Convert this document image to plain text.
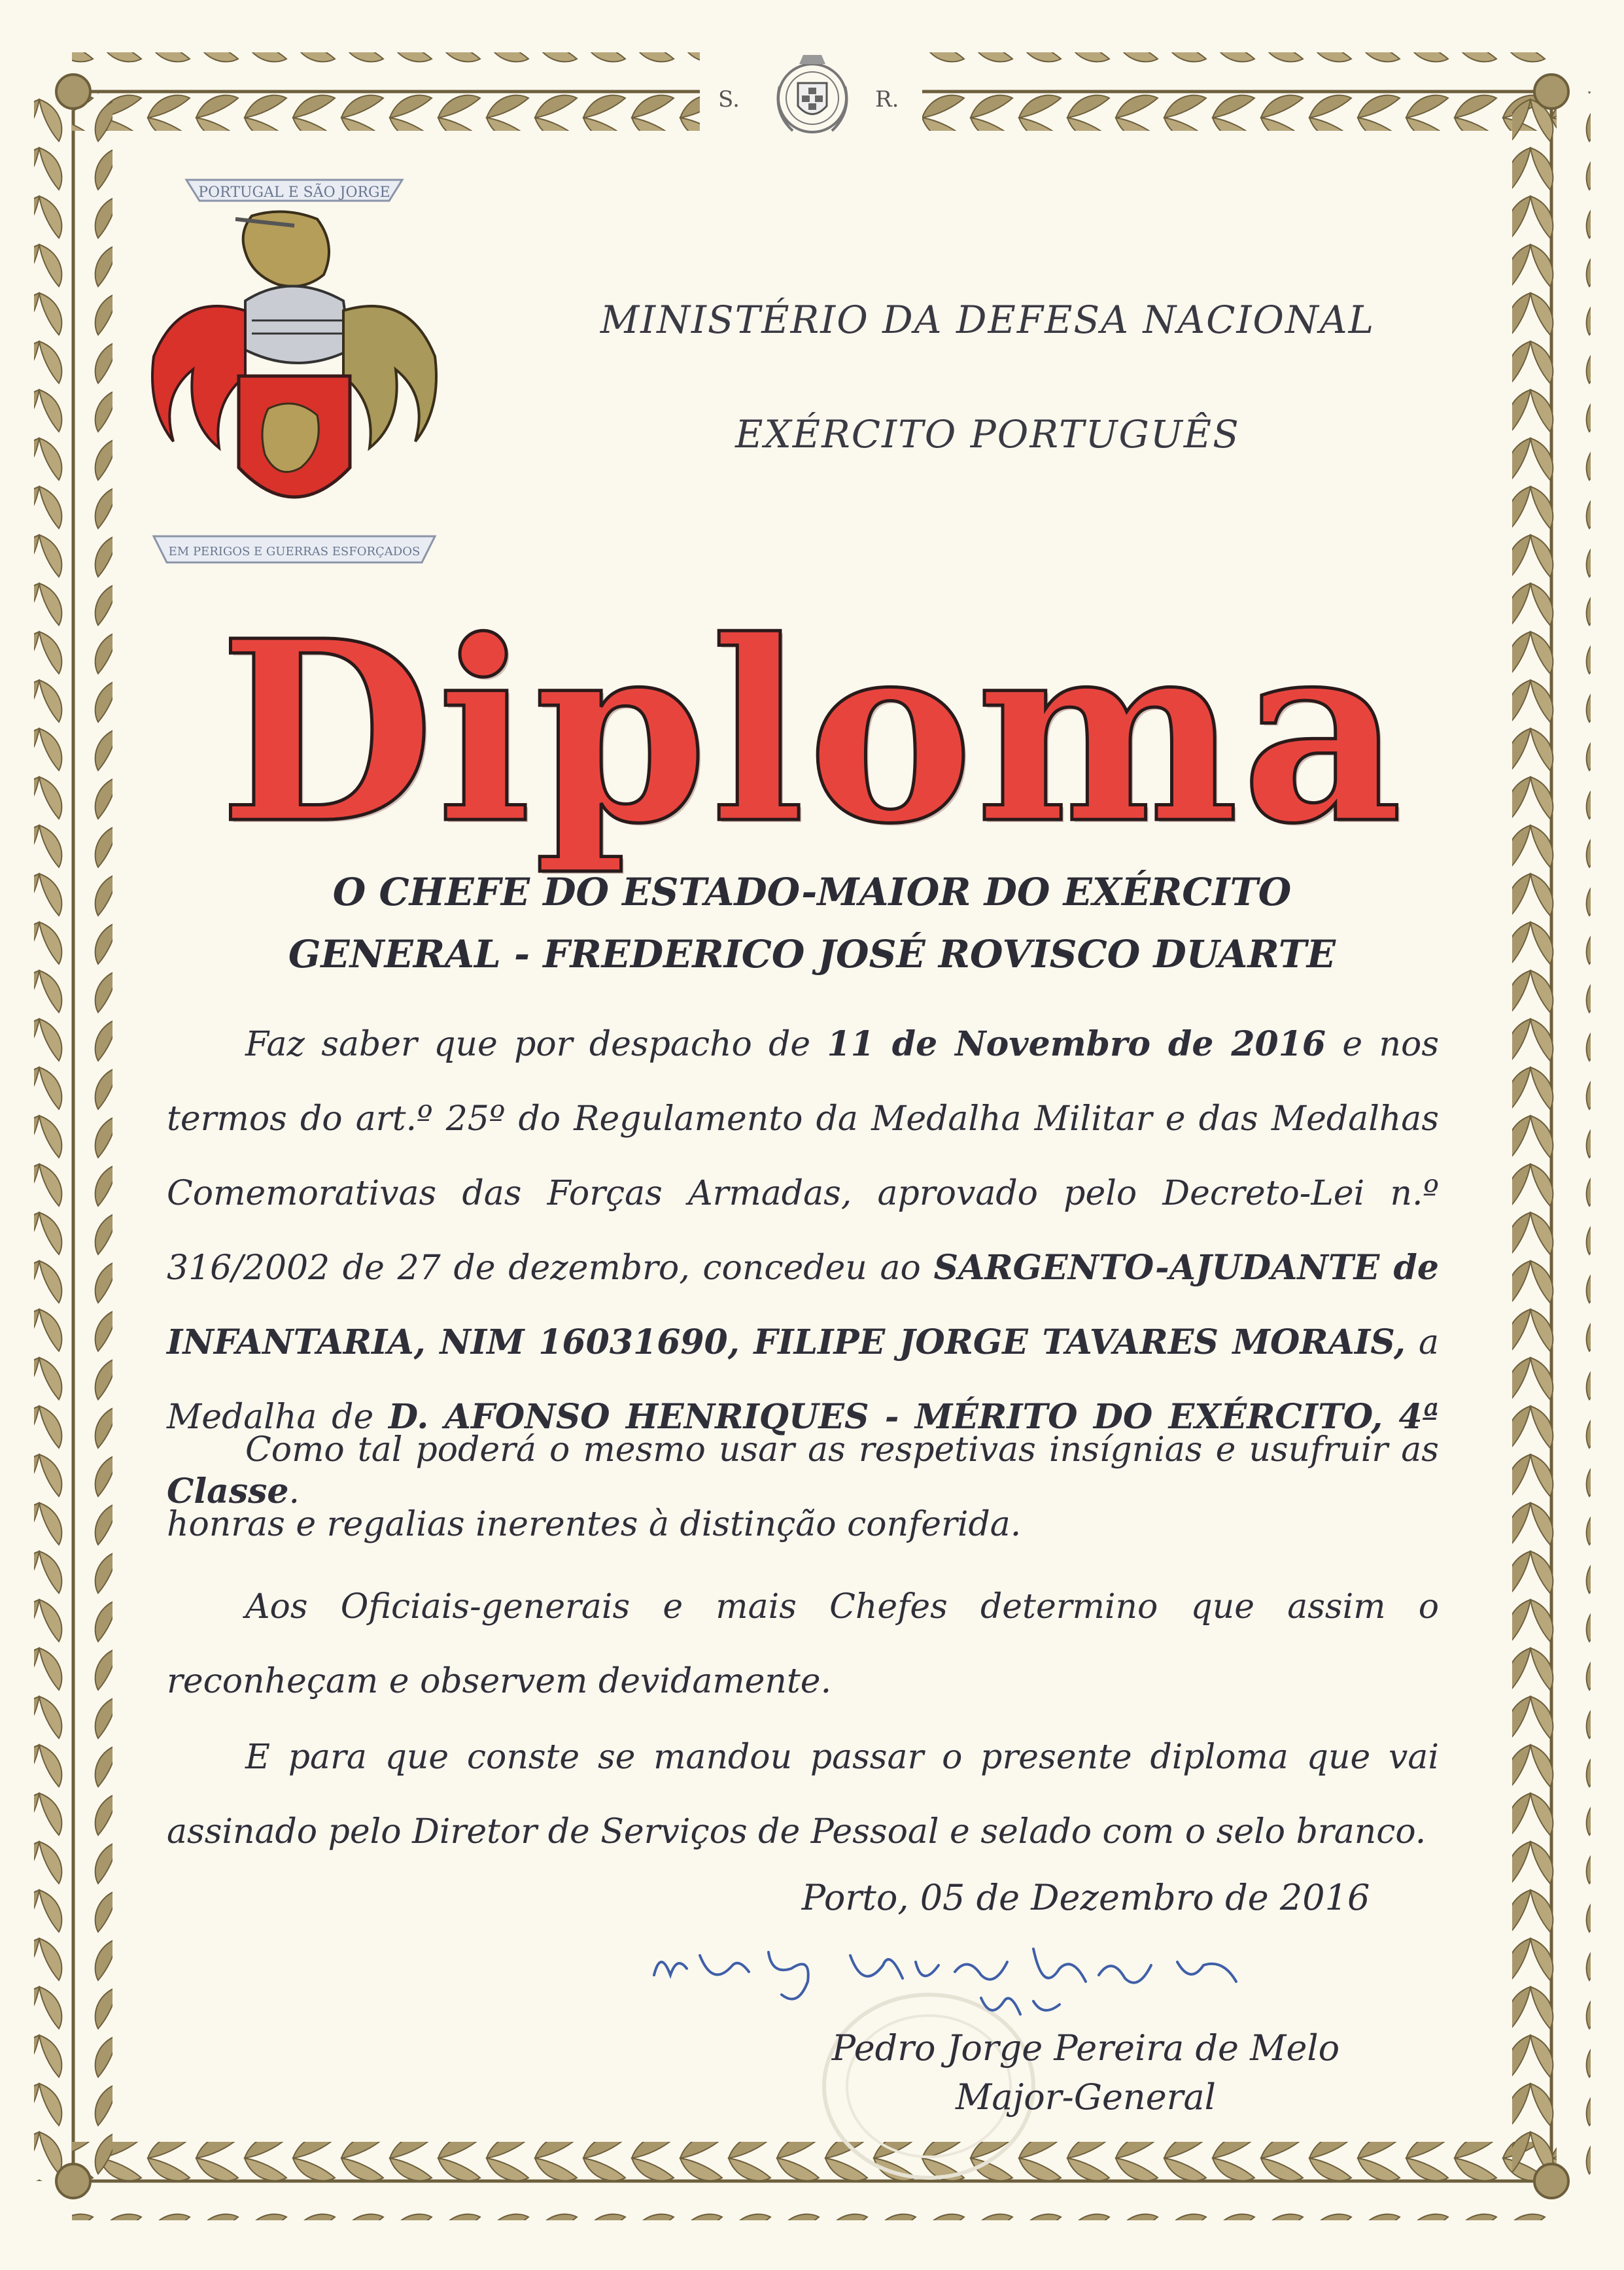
S.	R.
PORTUGAL E SÃO JORGE
EM PERIGOS E GUERRAS ESFORÇADOS
MINISTÉRIO DA DEFESA NACIONAL
EXÉRCITO PORTUGUÊS
Diploma
O CHEFE DO ESTADO-MAIOR DO EXÉRCITO
GENERAL - FREDERICO JOSÉ ROVISCO DUARTE
Faz saber que por despacho de 11 de Novembro de 2016 e nos termos do art.º 25º do Regulamento da Medalha Militar e das Medalhas Comemorativas das Forças Armadas, aprovado pelo Decreto-Lei n.º 316/2002 de 27 de dezembro, concedeu ao SARGENTO-AJUDANTE de INFANTARIA, NIM 16031690, FILIPE JORGE TAVARES MORAIS, a Medalha de D. AFONSO HENRIQUES - MÉRITO DO EXÉRCITO, 4ª Classe.
Como tal poderá o mesmo usar as respetivas insígnias e usufruir as honras e regalias inerentes à distinção conferida.
Aos Oficiais-generais e mais Chefes determino que assim o reconheçam e observem devidamente.
E para que conste se mandou passar o presente diploma que vai assinado pelo Diretor de Serviços de Pessoal e selado com o selo branco.
Porto, 05 de Dezembro de 2016
Pedro Jorge Pereira de Melo
Major-General
